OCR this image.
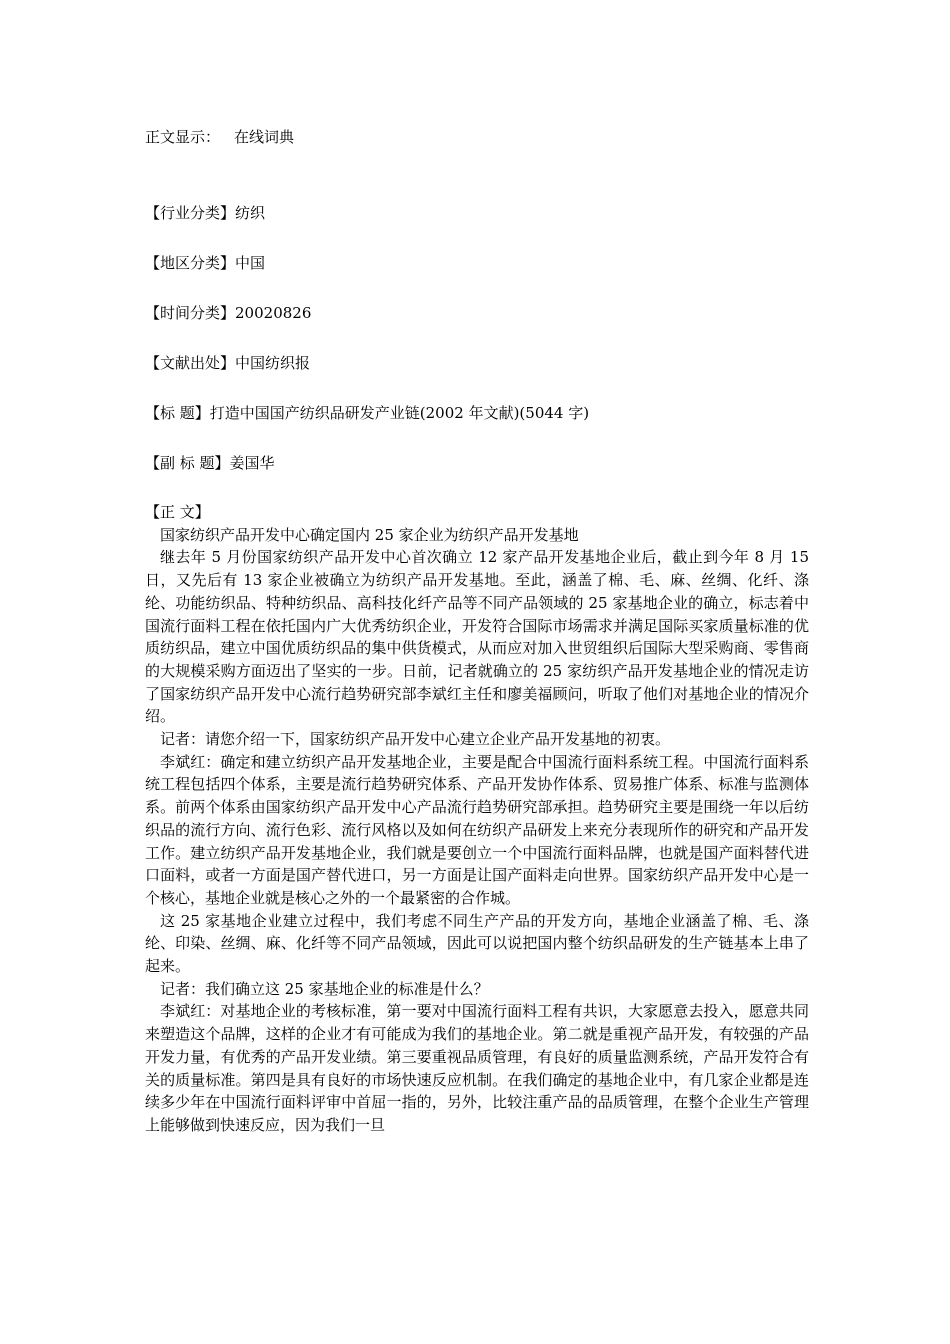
正文显示： 在线词典
【行业分类】纺织
【地区分类】中国
【时间分类】20020826
【文献出处】中国纺织报
【标 题】打造中国国产纺织品研发产业链(2002 年文献)(5044 字)
【副 标 题】姜国华
【正 文】

国家纺织产品开发中心确定国内 25 家企业为纺织产品开发基地

继去年 5 月份国家纺织产品开发中心首次确立 12 家产品开发基地企业后，截止到今年 8 月 15 日，又先后有 13 家企业被确立为纺织产品开发基地。至此，涵盖了棉、毛、麻、丝绸、化纤、涤纶、功能纺织品、特种纺织品、高科技化纤产品等不同产品领域的 25 家基地企业的确立，标志着中国流行面料工程在依托国内广大优秀纺织企业，开发符合国际市场需求并满足国际买家质量标准的优质纺织品，建立中国优质纺织品的集中供货模式，从而应对加入世贸组织后国际大型采购商、零售商的大规模采购方面迈出了坚实的一步。日前，记者就确立的 25 家纺织产品开发基地企业的情况走访了国家纺织产品开发中心流行趋势研究部李斌红主任和廖美福顾问，听取了他们对基地企业的情况介绍。

记者：请您介绍一下，国家纺织产品开发中心建立企业产品开发基地的初衷。

李斌红：确定和建立纺织产品开发基地企业，主要是配合中国流行面料系统工程。中国流行面料系统工程包括四个体系，主要是流行趋势研究体系、产品开发协作体系、贸易推广体系、标准与监测体系。前两个体系由国家纺织产品开发中心产品流行趋势研究部承担。趋势研究主要是围绕一年以后纺织品的流行方向、流行色彩、流行风格以及如何在纺织产品研发上来充分表现所作的研究和产品开发工作。建立纺织产品开发基地企业，我们就是要创立一个中国流行面料品牌，也就是国产面料替代进口面料，或者一方面是国产替代进口，另一方面是让国产面料走向世界。国家纺织产品开发中心是一个核心，基地企业就是核心之外的一个最紧密的合作城。

这 25 家基地企业建立过程中，我们考虑不同生产产品的开发方向，基地企业涵盖了棉、毛、涤纶、印染、丝绸、麻、化纤等不同产品领域，因此可以说把国内整个纺织品研发的生产链基本上串了起来。

记者：我们确立这 25 家基地企业的标准是什么？

李斌红：对基地企业的考核标准，第一要对中国流行面料工程有共识，大家愿意去投入，愿意共同来塑造这个品牌，这样的企业才有可能成为我们的基地企业。第二就是重视产品开发，有较强的产品开发力量，有优秀的产品开发业绩。第三要重视品质管理，有良好的质量监测系统，产品开发符合有关的质量标准。第四是具有良好的市场快速反应机制。在我们确定的基地企业中，有几家企业都是连续多少年在中国流行面料评审中首屈一指的，另外，比较注重产品的品质管理，在整个企业生产管理上能够做到快速反应，因为我们一旦
